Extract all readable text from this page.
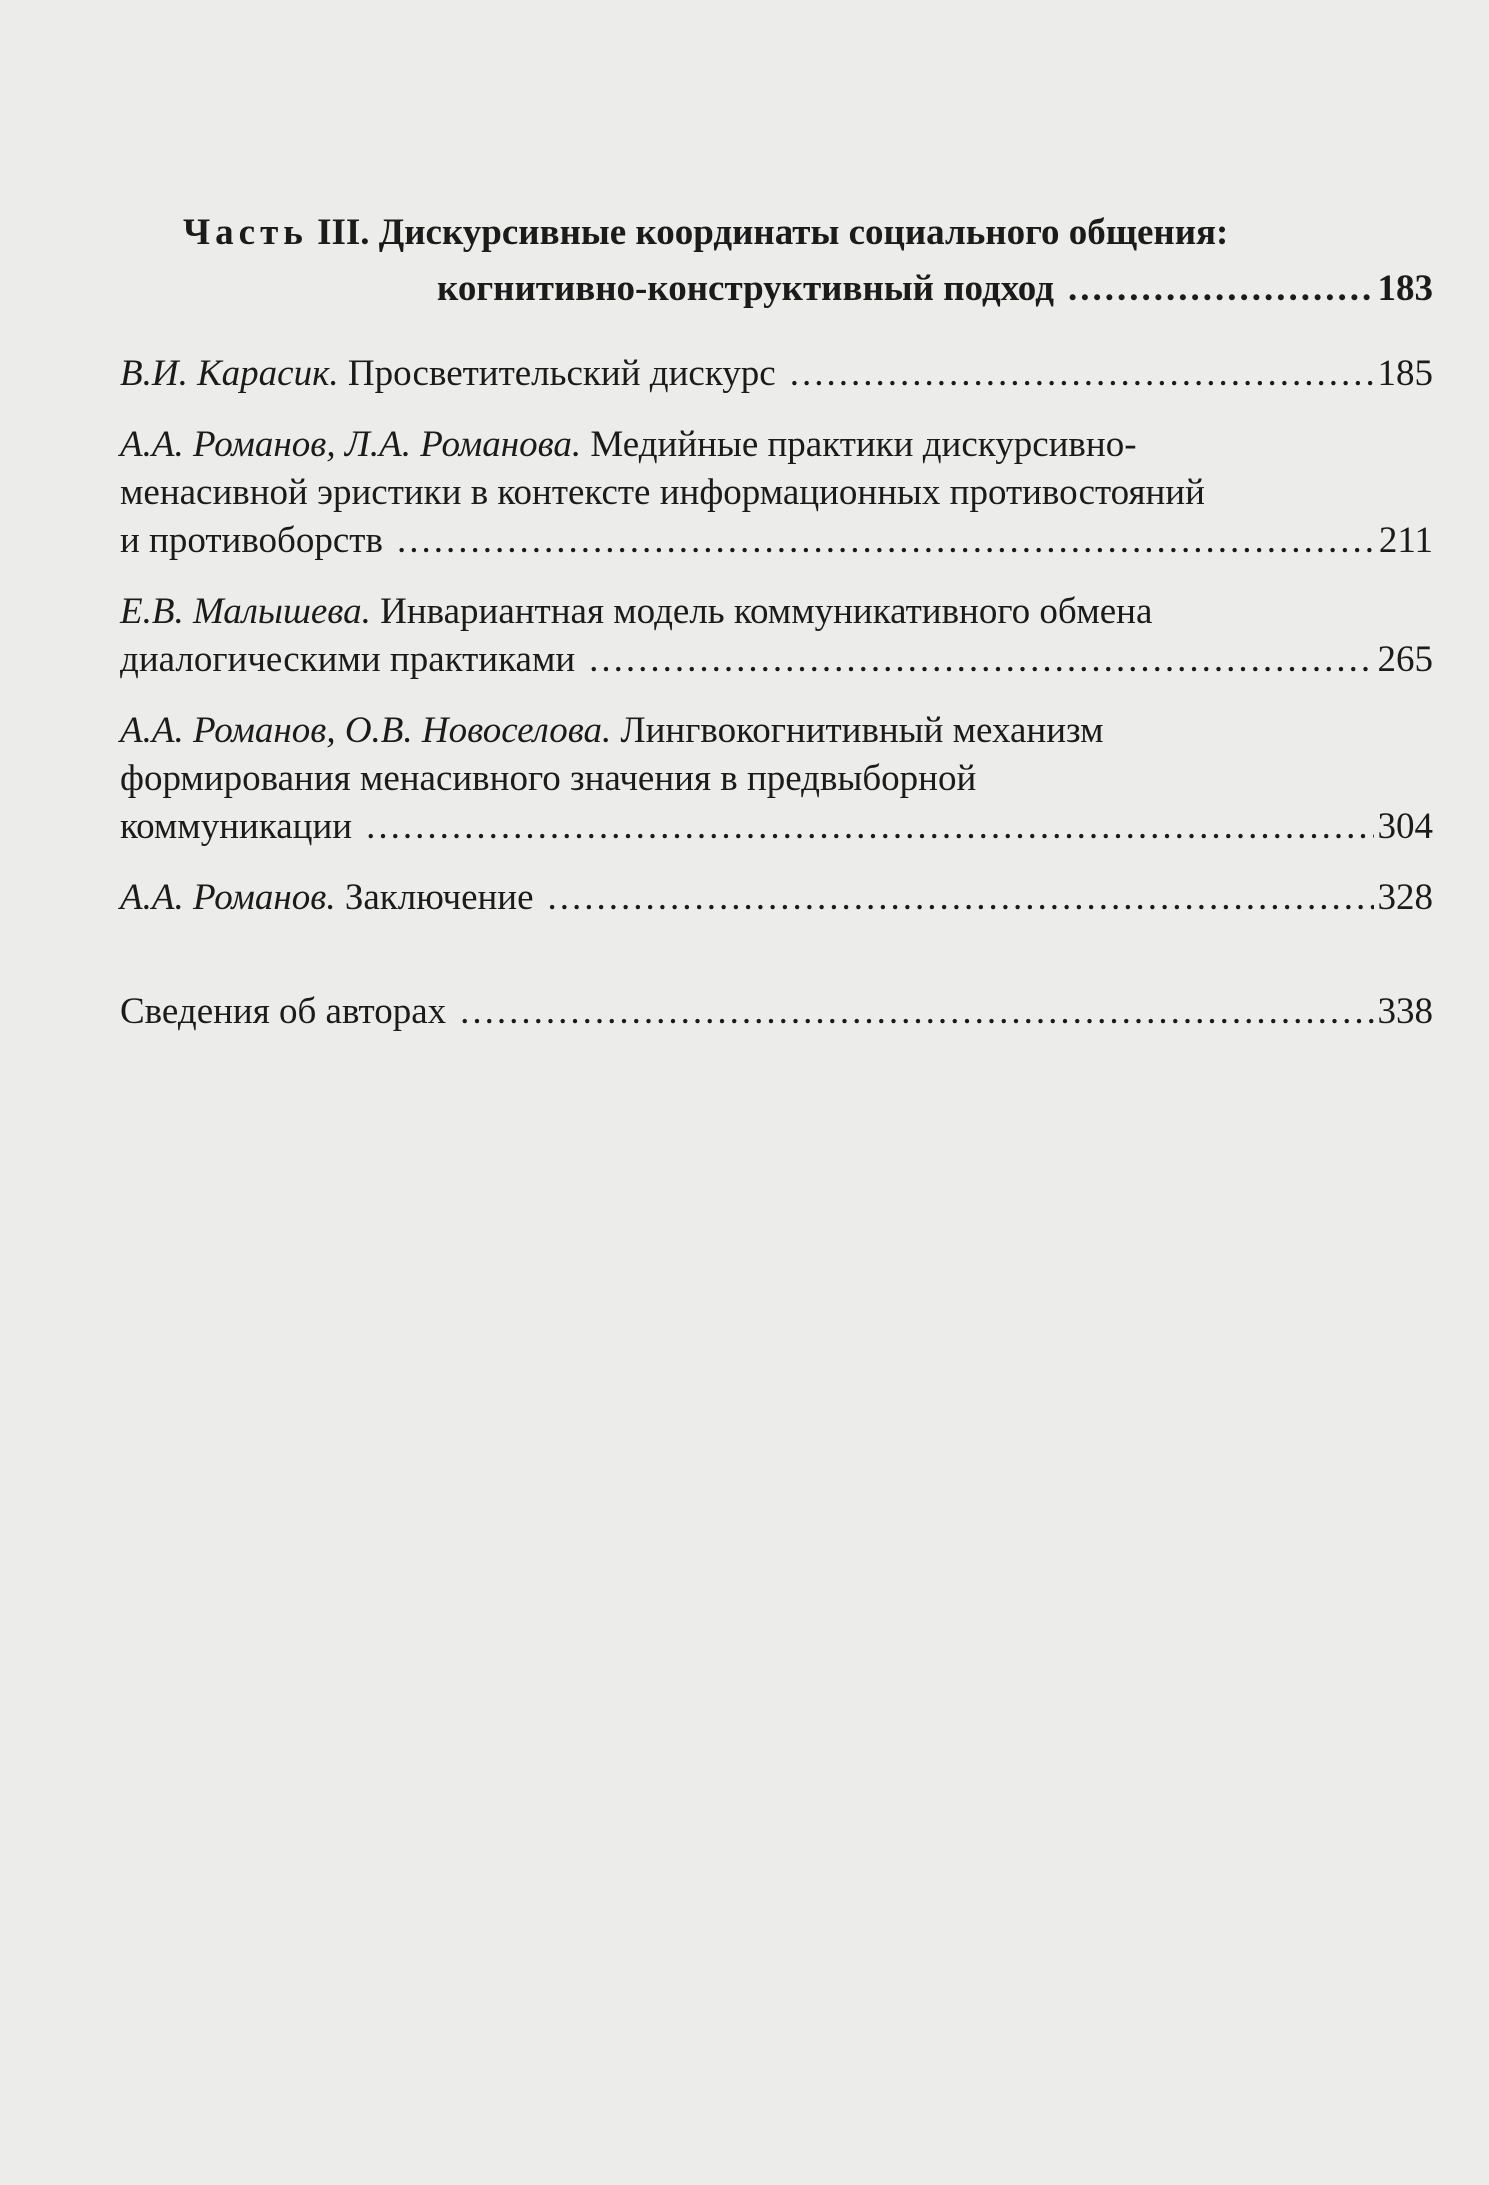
Часть III. Дискурсивные координаты социального общения:
когнитивно-конструктивный подход .....	183
В.И. Карасик. Просветительский дискурс .....	185
А.А. Романов, Л.А. Романова. Медийные практики дискурсивно-
менасивной эристики в контексте информационных противостояний
и противоборств .....	211
Е.В. Малышева. Инвариантная модель коммуникативного обмена
диалогическими практиками .....	265
А.А. Романов, О.В. Новоселова. Лингвокогнитивный механизм
формирования менасивного значения в предвыборной
коммуникации .....	304
А.А. Романов. Заключение .....	328
Сведения об авторах .....	338
